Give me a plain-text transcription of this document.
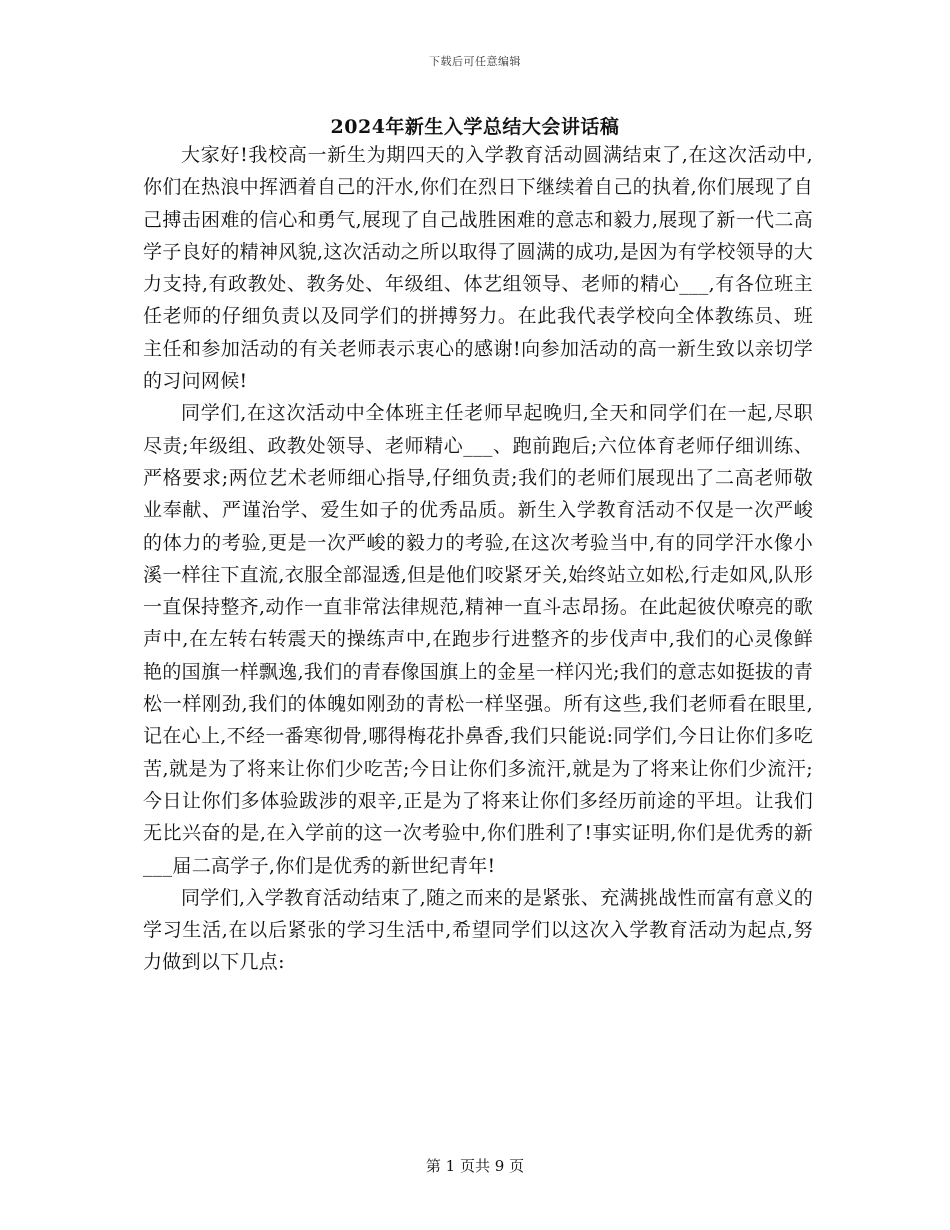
下载后可任意编辑
2024年新生入学总结大会讲话稿

大家好!我校高一新生为期四天的入学教育活动圆满结束了,在这次活动中,你们在热浪中挥洒着自己的汗水,你们在烈日下继续着自己的执着,你们展现了自己搏击困难的信心和勇气,展现了自己战胜困难的意志和毅力,展现了新一代二高学子良好的精神风貌,这次活动之所以取得了圆满的成功,是因为有学校领导的大力支持,有政教处、教务处、年级组、体艺组领导、老师的精心___,有各位班主任老师的仔细负责以及同学们的拼搏努力。在此我代表学校向全体教练员、班主任和参加活动的有关老师表示衷心的感谢!向参加活动的高一新生致以亲切学的习问网候!

同学们,在这次活动中全体班主任老师早起晚归,全天和同学们在一起,尽职尽责;年级组、政教处领导、老师精心___、跑前跑后;六位体育老师仔细训练、严格要求;两位艺术老师细心指导,仔细负责;我们的老师们展现出了二高老师敬业奉献、严谨治学、爱生如子的优秀品质。新生入学教育活动不仅是一次严峻的体力的考验,更是一次严峻的毅力的考验,在这次考验当中,有的同学汗水像小溪一样往下直流,衣服全部湿透,但是他们咬紧牙关,始终站立如松,行走如风,队形一直保持整齐,动作一直非常法律规范,精神一直斗志昂扬。在此起彼伏嘹亮的歌声中,在左转右转震天的操练声中,在跑步行进整齐的步伐声中,我们的心灵像鲜艳的国旗一样飘逸,我们的青春像国旗上的金星一样闪光;我们的意志如挺拔的青松一样刚劲,我们的体魄如刚劲的青松一样坚强。所有这些,我们老师看在眼里,记在心上,不经一番寒彻骨,哪得梅花扑鼻香,我们只能说:同学们,今日让你们多吃苦,就是为了将来让你们少吃苦;今日让你们多流汗,就是为了将来让你们少流汗;今日让你们多体验跋涉的艰辛,正是为了将来让你们多经历前途的平坦。让我们无比兴奋的是,在入学前的这一次考验中,你们胜利了!事实证明,你们是优秀的新___届二高学子,你们是优秀的新世纪青年!

同学们,入学教育活动结束了,随之而来的是紧张、充满挑战性而富有意义的学习生活,在以后紧张的学习生活中,希望同学们以这次入学教育活动为起点,努力做到以下几点:

第 1 页共 9 页
